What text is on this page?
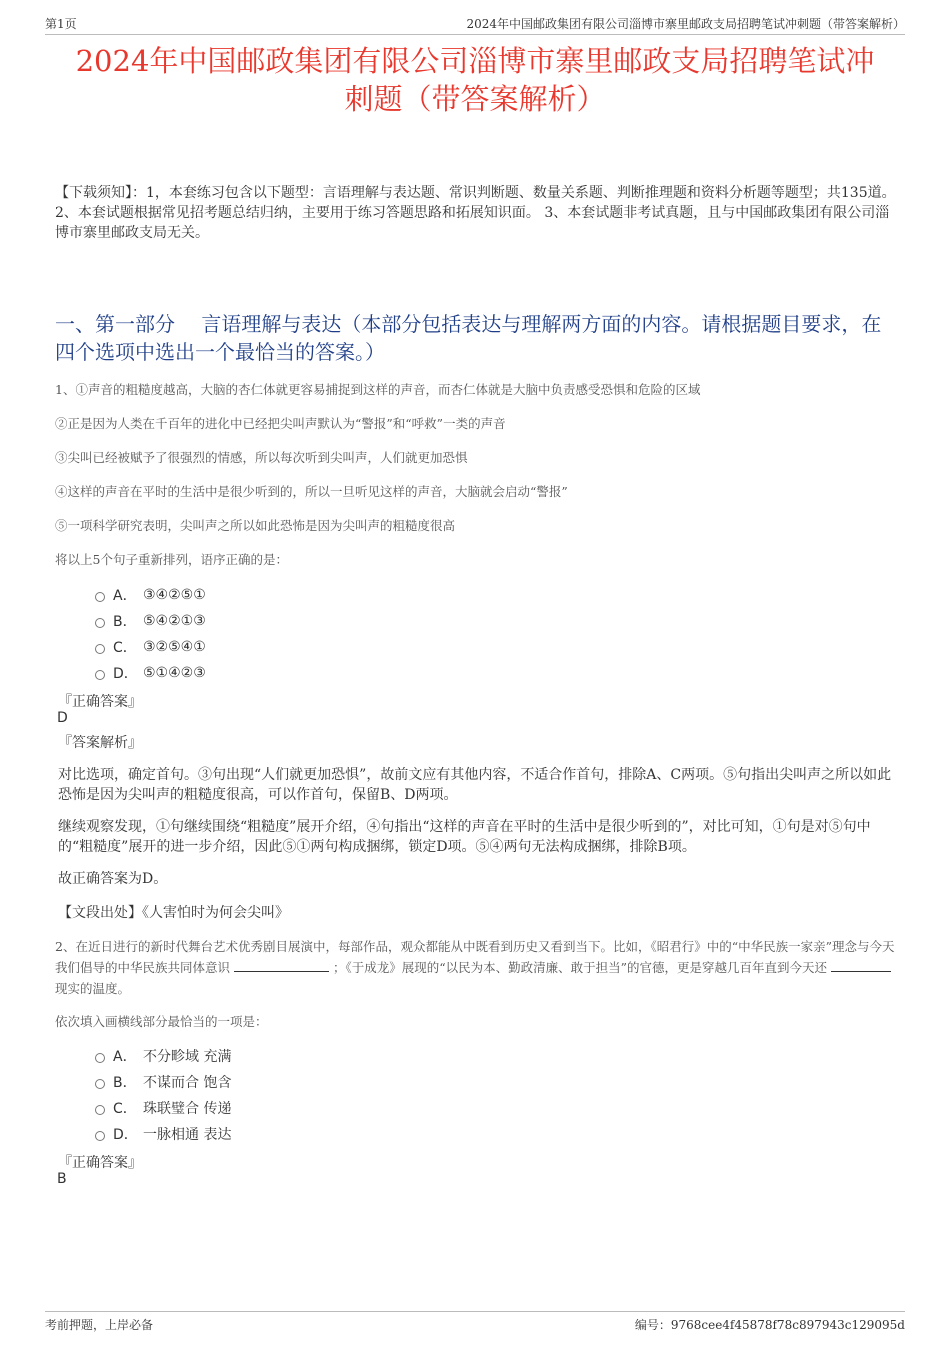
第1页	2024年中国邮政集团有限公司淄博市寨里邮政支局招聘笔试冲刺题（带答案解析）
2024年中国邮政集团有限公司淄博市寨里邮政支局招聘笔试冲
刺题（带答案解析）
【下载须知】：1，本套练习包含以下题型：言语理解与表达题、常识判断题、数量关系题、判断推理题和资料分析题等题型；共135道。 2、本套试题根据常见招考题总结归纳，主要用于练习答题思路和拓展知识面。 3、本套试题非考试真题，且与中国邮政集团有限公司淄博市寨里邮政支局无关。
一、第一部分　 言语理解与表达（本部分包括表达与理解两方面的内容。请根据题目要求，在四个选项中选出一个最恰当的答案。）
1、①声音的粗糙度越高，大脑的杏仁体就更容易捕捉到这样的声音，而杏仁体就是大脑中负责感受恐惧和危险的区域
②正是因为人类在千百年的进化中已经把尖叫声默认为“警报”和“呼救”一类的声音
③尖叫已经被赋予了很强烈的情感，所以每次听到尖叫声，人们就更加恐惧
④这样的声音在平时的生活中是很少听到的，所以一旦听见这样的声音，大脑就会启动“警报”
⑤一项科学研究表明，尖叫声之所以如此恐怖是因为尖叫声的粗糙度很高
将以上5个句子重新排列，语序正确的是：
A． ③④②⑤①
B． ⑤④②①③
C． ③②⑤④①
D． ⑤①④②③
『正确答案』
D
『答案解析』
对比选项，确定首句。③句出现“人们就更加恐惧”，故前文应有其他内容，不适合作首句，排除A、C两项。⑤句指出尖叫声之所以如此恐怖是因为尖叫声的粗糙度很高，可以作首句，保留B、D两项。
继续观察发现，①句继续围绕“粗糙度”展开介绍，④句指出“这样的声音在平时的生活中是很少听到的”，对比可知，①句是对⑤句中的“粗糙度”展开的进一步介绍，因此⑤①两句构成捆绑，锁定D项。⑤④两句无法构成捆绑，排除B项。
故正确答案为D。
【文段出处】《人害怕时为何会尖叫》
2、在近日进行的新时代舞台艺术优秀剧目展演中，每部作品，观众都能从中既看到历史又看到当下。比如，《昭君行》中的“中华民族一家亲”理念与今天我们倡导的中华民族共同体意识	；《于成龙》展现的“以民为本、勤政清廉、敢于担当”的官德，更是穿越几百年直到今天还 现实的温度。
依次填入画横线部分最恰当的一项是：
A． 不分畛域 充满
B． 不谋而合 饱含
C． 珠联璧合 传递
D． 一脉相通 表达
『正确答案』
B
考前押题，上岸必备	编号：9768cee4f45878f78c897943c129095d
